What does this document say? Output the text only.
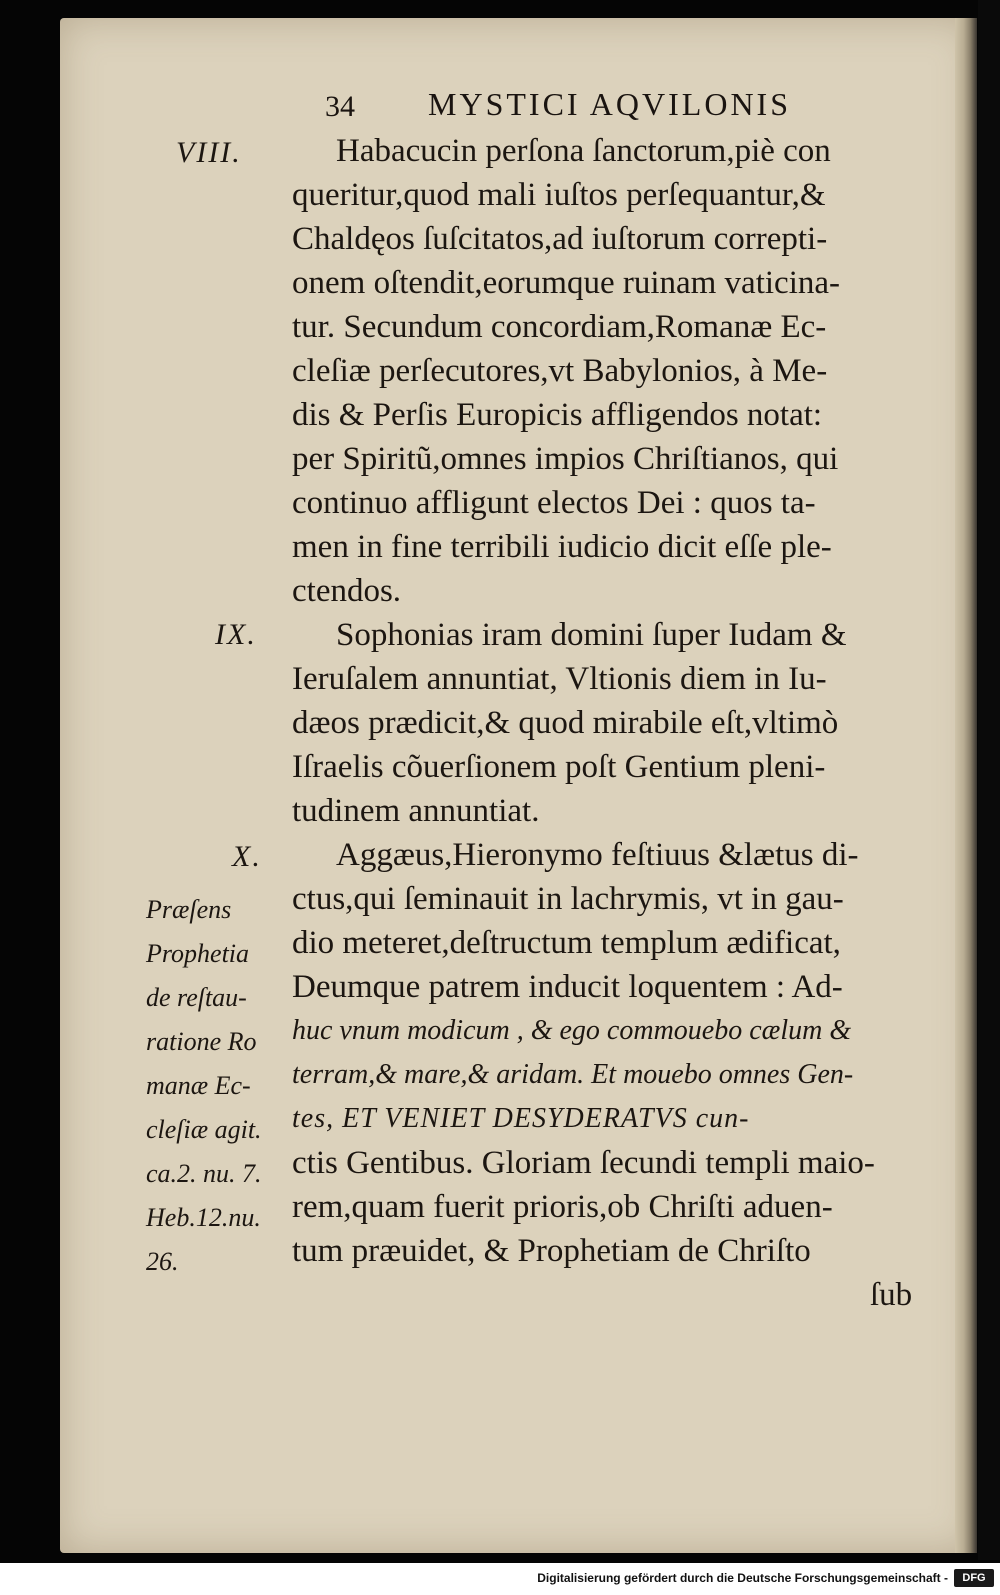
34 MYSTICI AQVILONIS
VIII.
IX.
X.
Habacucin perſona ſanctorum,piè con
queritur,quod mali iuſtos perſequantur,&
Chaldęos ſuſcitatos,ad iuſtorum correpti-
onem oſtendit,eorumque ruinam vaticina-
tur. Secundum concordiam,Romanæ Ec-
cleſiæ perſecutores,vt Babylonios, à Me-
dis & Perſis Europicis affligendos notat:
per Spiritũ,omnes impios Chriſtianos, qui
continuo affligunt electos Dei : quos ta-
men in fine terribili iudicio dicit eſſe ple-
ctendos.
Sophonias iram domini ſuper Iudam &
Ieruſalem annuntiat, Vltionis diem in Iu-
dæos prædicit,& quod mirabile eſt,vltimò
Iſraelis cõuerſionem poſt Gentium pleni-
tudinem annuntiat.
Aggæus,Hieronymo feſtiuus &lætus di-
ctus,qui ſeminauit in lachrymis, vt in gau-
dio meteret,deſtructum templum ædificat,
Deumque patrem inducit loquentem : Ad-
huc vnum modicum , & ego commouebo cælum &
terram,& mare,& aridam. Et mouebo omnes Gen-
tes, ET VENIET DESYDERATVS cun-
ctis Gentibus. Gloriam ſecundi templi maio-
rem,quam fuerit prioris,ob Chriſti aduen-
tum præuidet, & Prophetiam de Chriſto
ſub
Præſens
Prophetia
de reſtau-
ratione Ro
manæ Ec-
cleſiæ agit.
ca.2. nu. 7.
Heb.12.nu.
26.
Digitalisierung gefördert durch die Deutsche Forschungsgemeinschaft -	DFG
